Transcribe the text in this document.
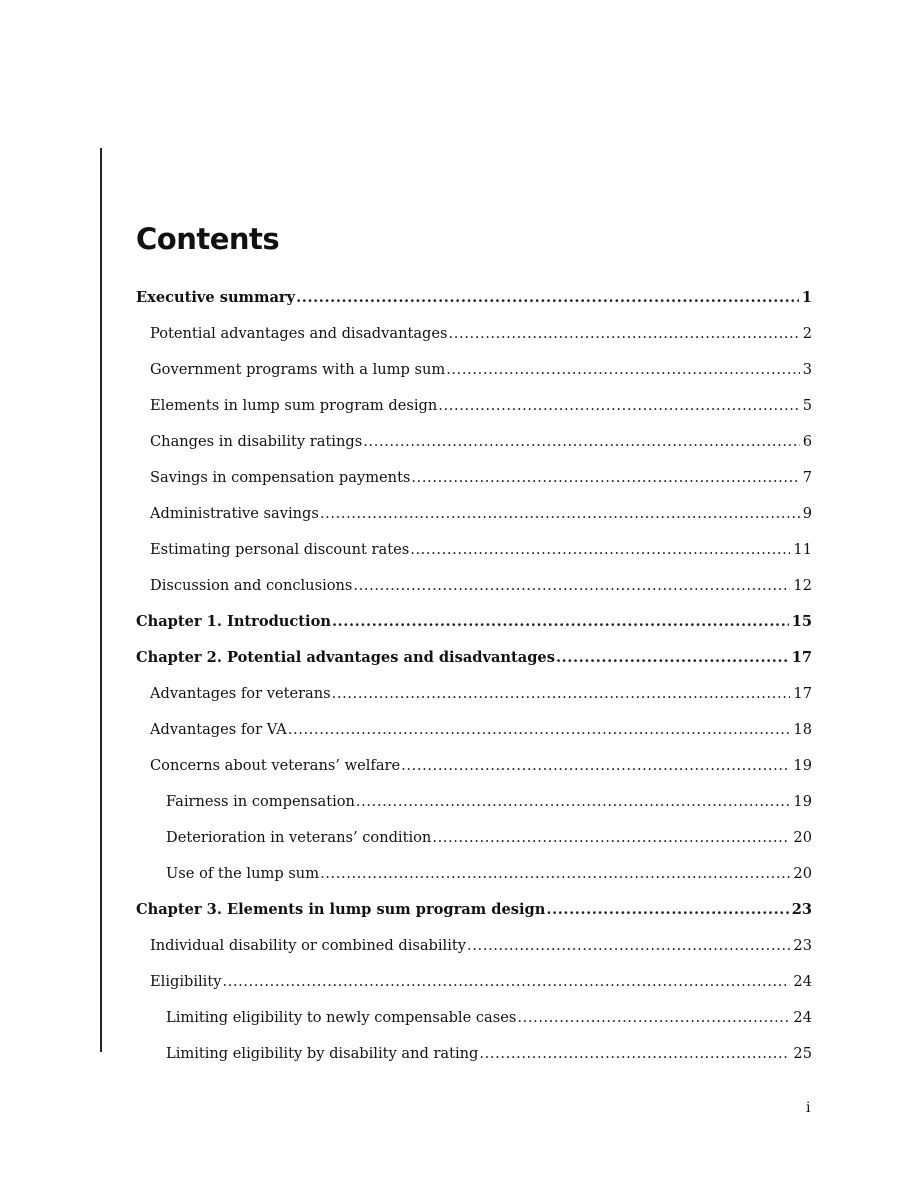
Contents
Executive summary .....	1
Potential advantages and disadvantages .....	2
Government programs with a lump sum .....	3
Elements in lump sum program design .....	5
Changes in disability ratings .....	6
Savings in compensation payments .....	7
Administrative savings .....	9
Estimating personal discount rates .....	11
Discussion and conclusions .....	12
Chapter 1. Introduction .....	15
Chapter 2. Potential advantages and disadvantages .....	17
Advantages for veterans .....	17
Advantages for VA .....	18
Concerns about veterans’ welfare .....	19
Fairness in compensation .....	19
Deterioration in veterans’ condition .....	20
Use of the lump sum .....	20
Chapter 3. Elements in lump sum program design .....	23
Individual disability or combined disability .....	23
Eligibility .....	24
Limiting eligibility to newly compensable cases .....	24
Limiting eligibility by disability and rating .....	25
i
